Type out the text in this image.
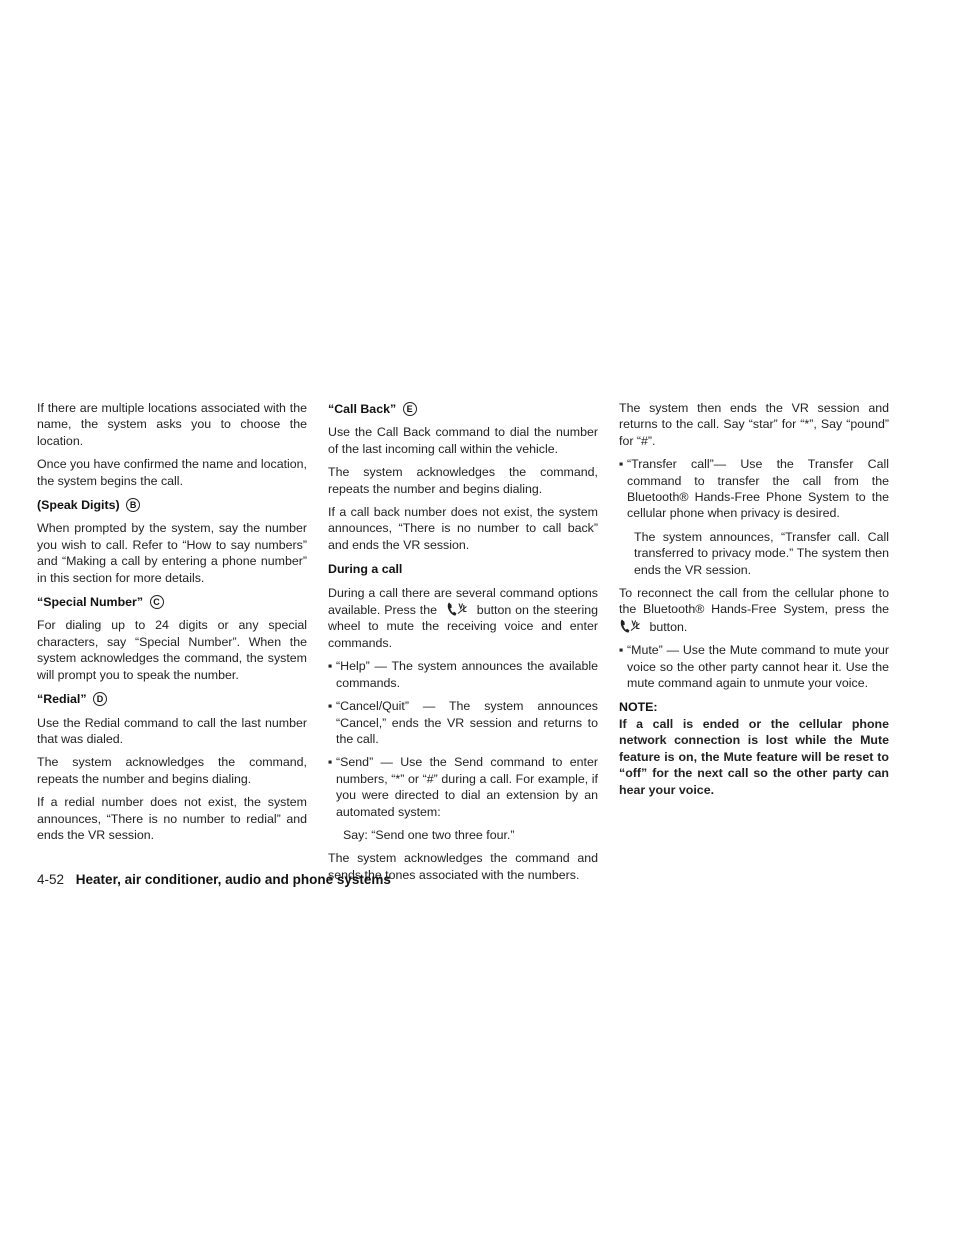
If there are multiple locations associated with the name, the system asks you to choose the location.

Once you have confirmed the name and location, the system begins the call.

(Speak Digits) B

When prompted by the system, say the number you wish to call. Refer to “How to say numbers” and “Making a call by entering a phone number” in this section for more details.

“Special Number” C

For dialing up to 24 digits or any special characters, say “Special Number”. When the system acknowledges the command, the system will prompt you to speak the number.

“Redial” D

Use the Redial command to call the last number that was dialed.

The system acknowledges the command, repeats the number and begins dialing.

If a redial number does not exist, the system announces, “There is no number to redial” and ends the VR session.

“Call Back” E

Use the Call Back command to dial the number of the last incoming call within the vehicle.

The system acknowledges the command, repeats the number and begins dialing.

If a call back number does not exist, the system announces, “There is no number to call back” and ends the VR session.

During a call

During a call there are several command options available. Press the	button on the steering wheel to mute the receiving voice and enter commands.

▪ “Help” — The system announces the available commands.

▪ “Cancel/Quit” — The system announces “Cancel,” ends the VR session and returns to the call.

▪ “Send” — Use the Send command to enter numbers, “*” or “#” during a call. For example, if you were directed to dial an extension by an automated system:

Say: “Send one two three four.”

The system acknowledges the command and sends the tones associated with the numbers.

The system then ends the VR session and returns to the call. Say “star” for “*”, Say “pound” for “#”.

▪ “Transfer call”— Use the Transfer Call command to transfer the call from the Bluetooth® Hands-Free Phone System to the cellular phone when privacy is desired.

The system announces, “Transfer call. Call transferred to privacy mode.” The system then ends the VR session.

To reconnect the call from the cellular phone to the Bluetooth® Hands-Free System, press the
button.

▪ “Mute” — Use the Mute command to mute your voice so the other party cannot hear it. Use the mute command again to unmute your voice.

NOTE:

If a call is ended or the cellular phone network connection is lost while the Mute feature is on, the Mute feature will be reset to “off” for the next call so the other party can hear your voice.

4-52 Heater, air conditioner, audio and phone systems
